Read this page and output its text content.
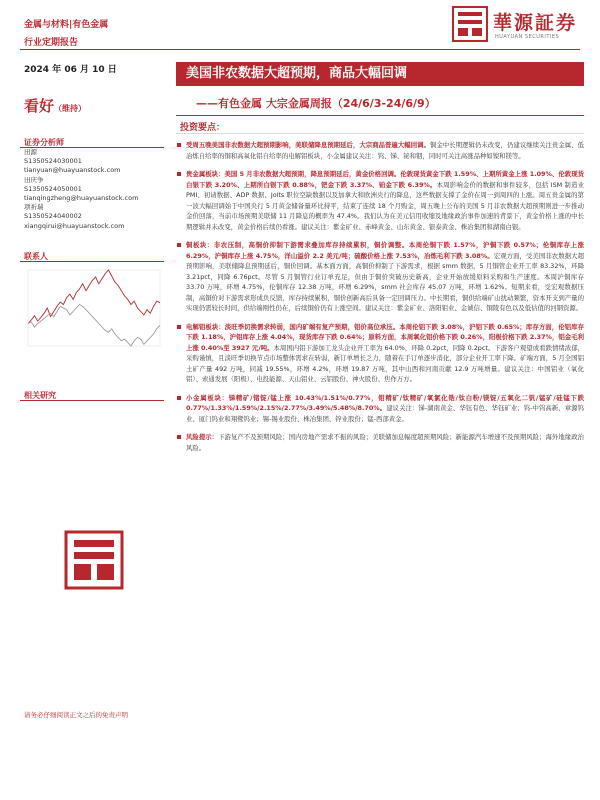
金属与材料|有色金属
行业定期报告
華源証券
HUAYUAN SECURITIES
2024 年 06 月 10 日
看好（维持）
证券分析师
田源
S1350524030001
tianyuan@huayuanstock.com
田庆争
S1350524050001
tianqingzheng@huayuanstock.com
项祈瑞
S1350524040002
xiangqirui@huayuanstock.com
联系人
相关研究
请务必仔细阅读正文之后的免责声明
美国非农数据大超预期，商品大幅回调
——有色金属 大宗金属周报（24/6/3-24/6/9）
投资要点：
受周五晚美国非农数据大超预期影响，美联储降息预期延后，大宗商品普遍大幅回调。铜金中长期逻辑仍未改变，仍建议继续关注贵金属、低冶炼自给率的铜和高氧化铝自给率的电解铝板块，小金属建议关注：钨、锑、铋和铟，同时可关注高涨品种如镍和镁等。
贵金属板块：美国 5 月非农数据大超预期，降息预期延后，黄金价格回调。伦敦现货黄金下跌 1.59%、上期所黄金上涨 1.09%、伦敦现货白银下跌 3.20%、上期所白银下跌 0.88%，钯金下跌 3.37%、铂金下跌 6.39%。本周影响金价的数据和事件较多，包括 ISM 制造业 PMI、初请数据、ADP 数据、Jolts 职位空缺数据以及加拿大和欧洲央行的降息，这些数据支撑了金价在周一到周四的上涨。周五贵金属的第一波大幅回调始于中国央行 5 月黄金储备量环比持平，结束了连续 18 个月购金，周五晚上公布的美国 5 月非农数据大超预期则进一步推动金价回落，当前市场预期美联储 11 月降息的概率为 47.4%。我们认为在美元信用收缩及地缘政治事件加速的背景下，黄金价格上涨的中长期逻辑并未改变，黄金价格后续仍看涨。建议关注：紫金矿业、赤峰黄金、山东黄金、银泰黄金、株冶集团和湖南白银。
铜板块：非农压制，高铜价抑制下游需求叠加库存持续累积，铜价调整。本周伦铜下跌 1.57%，沪铜下跌 0.57%；伦铜库存上涨 6.29%，沪铜库存上涨 4.75%，洋山溢价 2.2 美元/吨；硫酸价格上涨 7.53%，冶炼毛利下跌 3.08%。宏观方面，受美国非农数据大超预期影响，美联储降息预期延后，铜价回调。基本面方面，高铜价抑制了下游需求，根据 smm 数据，5 月铜管企业开工率 83.32%，环降 3.21pct，同降 6.76pct。尽管 5 月铜管行业订单充足，但由于铜价突破历史新高，企业开始放缓原料采购和生产速度。本周沪铜库存 33.70 万吨，环增 4.75%，伦铜库存 12.38 万吨，环增 6.29%，smm 社会库存 45.07 万吨，环增 1.62%。短期来看，受宏观数据压制，高铜价对下游需求形成负反馈，库存持续累积，铜价创新高后具备一定回调压力。中长期看，铜供给端矿山扰动频繁，资本开支到产量的实现仍需较长时间，供给端刚性仍在，后续铜价仍有上涨空间。建议关注：紫金矿业、洛阳钼业、金诚信、铜陵有色以及低估值的河钢资源。
电解铝板块：淡旺季切换需求转弱，国内矿端有复产预期，铝价高位承压。本周伦铝下跌 3.08%，沪铝下跌 0.65%；库存方面，伦铝库存下跌 1.18%，沪铝库存上涨 4.04%，现货库存下跌 0.64%；原料方面，本周氧化铝价格下跌 0.26%，阳极价格下跌 2.37%，铝金毛利上涨 0.40%至 3927 元/吨。本周国内铝下游加工龙头企业开工率为 64.0%，环降 0.2pct，同降 0.2pct。下游客户观望或看跌情绪浓郁，采购谨慎，且淡旺季切换节点市场整体需求在转弱，新订单增长乏力，随着在手订单逐步消化，部分企业开工率下降。矿端方面，5 月全国铝土矿产量 492 万吨，同减 19.55%，环增 4.2%，环增 19.87 万吨，其中山西和河南贡献 12.9 万吨增量。建议关注：中国铝业（氧化铝）、索通发展（阳极）、电投能源、天山铝业、云铝股份、神火股份、焦作万方。
小金属板块：锑精矿/锗锭/锰上涨 10.43%/1.51%/0.77%，钼精矿/钛精矿/氧氯化锆/钛白粉/镁锭/五氧化二钒/锰矿/硅锰下跌 0.77%/1.33%/1.59%/2.15%/2.77%/3.49%/5.48%/8.70%。建议关注：锑-湖南黄金、华钰有色、华钰矿业；钨-中钨高新、章源钨业、厦门钨业和翔鹭钨业；锡-锡业股份、株冶集团、锌业股份；锰-西部黄金。
风险提示：下游复产不及预期风险；国内房地产需求不振的风险；美联储加息幅度超预期风险；新能源汽车增速不及预期风险；海外地缘政治风险。
